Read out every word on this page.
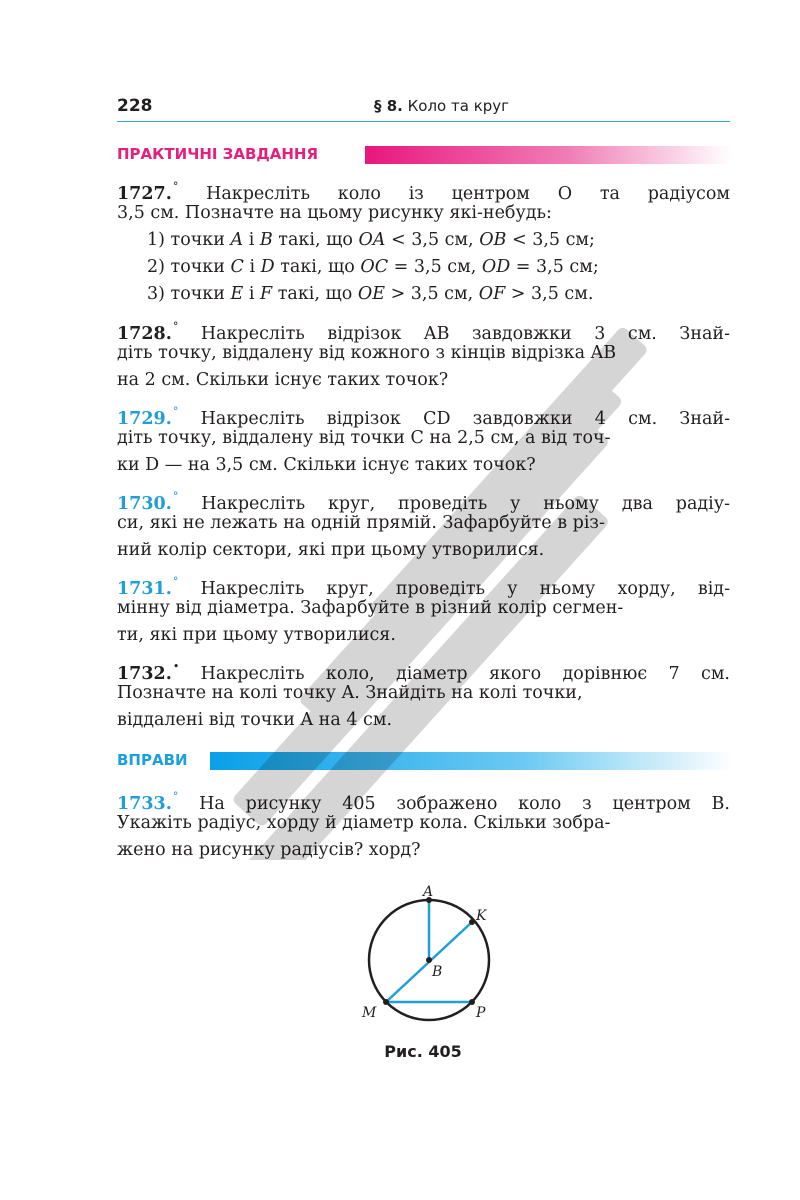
228	§ 8. Коло та круг
ПРАКТИЧНІ ЗАВДАННЯ
1727.° Накресліть коло із центром O та радіусом
3,5 см. Позначте на цьому рисунку які-небудь:
1) точки A і B такі, що OA < 3,5 см, OB < 3,5 см;
2) точки C і D такі, що OC = 3,5 см, OD = 3,5 см;
3) точки E і F такі, що OE > 3,5 см, OF > 3,5 см.
1728.° Накресліть відрізок AB завдовжки 3 см. Знай-
діть точку, віддалену від кожного з кінців відрізка AB
на 2 см. Скільки існує таких точок?
1729.° Накресліть відрізок CD завдовжки 4 см. Знай-
діть точку, віддалену від точки C на 2,5 см, а від точ-
ки D — на 3,5 см. Скільки існує таких точок?
1730.° Накресліть круг, проведіть у ньому два радіу-
си, які не лежать на одній прямій. Зафарбуйте в різ-
ний колір сектори, які при цьому утворилися.
1731.° Накресліть круг, проведіть у ньому хорду, від-
мінну від діаметра. Зафарбуйте в різний колір сегмен-
ти, які при цьому утворилися.
1732.• Накресліть коло, діаметр якого дорівнює 7 см.
Позначте на колі точку A. Знайдіть на колі точки,
віддалені від точки A на 4 см.
ВПРАВИ
1733.° На рисунку 405 зображено коло з центром B.
Укажіть радіус, хорду й діаметр кола. Скільки зобра-
жено на рисунку радіусів? хорд?
A
K
B
M	P
Рис. 405
